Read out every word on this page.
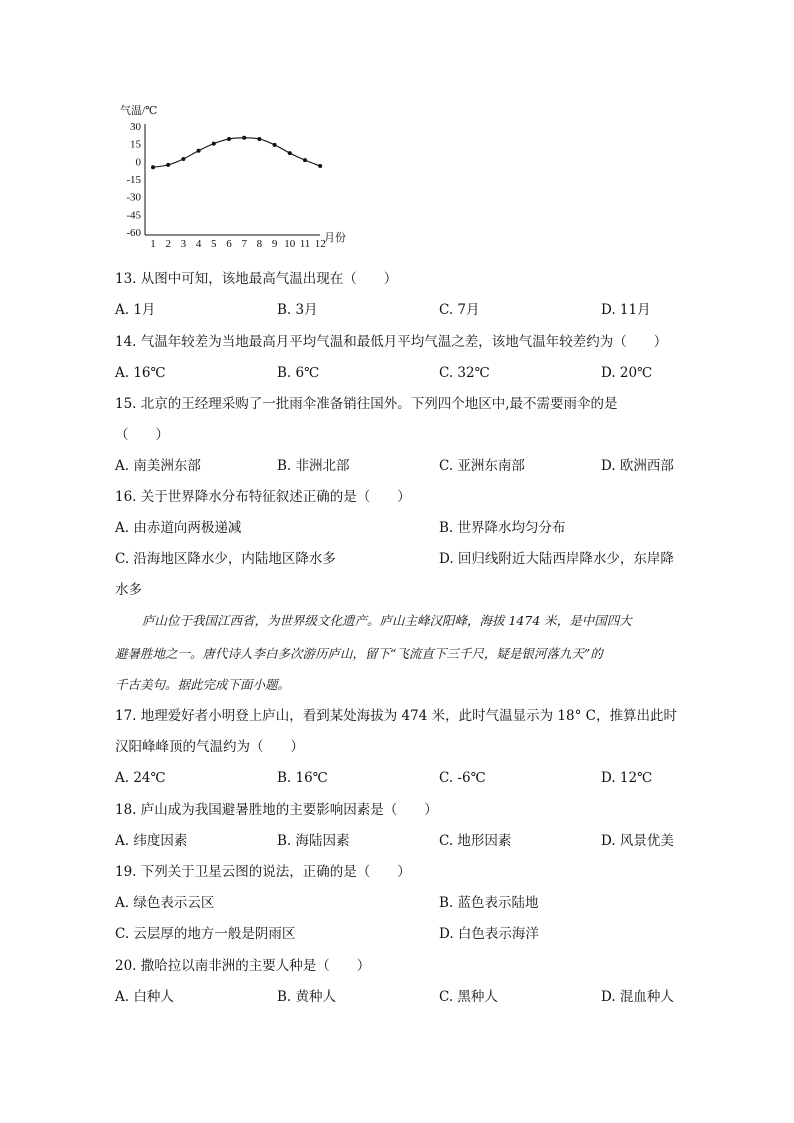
气温/℃
30
15
0
-15
-30
-45
-60
1 2 3 4 5 6 7 8 9 10 11 12
月份
13. 从图中可知，该地最高气温出现在（　　）
A. 1月	B. 3月	C. 7月	D. 11月
14. 气温年较差为当地最高月平均气温和最低月平均气温之差，该地气温年较差约为（　　）
A. 16℃	B. 6℃	C. 32℃	D. 20℃
15. 北京的王经理采购了一批雨伞准备销往国外。下列四个地区中,最不需要雨伞的是
（　　）
A. 南美洲东部	B. 非洲北部	C. 亚洲东南部	D. 欧洲西部
16. 关于世界降水分布特征叙述正确的是（　　）
A. 由赤道向两极递减	B. 世界降水均匀分布
C. 沿海地区降水少，内陆地区降水多	D. 回归线附近大陆西岸降水少，东岸降
水多
庐山位于我国江西省，为世界级文化遗产。庐山主峰汉阳峰，海拔 1474 米，是中国四大
避暑胜地之一。唐代诗人李白多次游历庐山，留下“飞流直下三千尺，疑是银河落九天”的
千古美句。据此完成下面小题。
17. 地理爱好者小明登上庐山，看到某处海拔为 474 米，此时气温显示为 18° C，推算出此时
汉阳峰峰顶的气温约为（　　）
A. 24℃	B. 16℃	C. -6℃	D. 12℃
18. 庐山成为我国避暑胜地的主要影响因素是（　　）
A. 纬度因素	B. 海陆因素	C. 地形因素	D. 风景优美
19. 下列关于卫星云图的说法，正确的是（　　）
A. 绿色表示云区	B. 蓝色表示陆地
C. 云层厚的地方一般是阴雨区	D. 白色表示海洋
20. 撒哈拉以南非洲的主要人种是（　　）
A. 白种人	B. 黄种人	C. 黑种人	D. 混血种人
